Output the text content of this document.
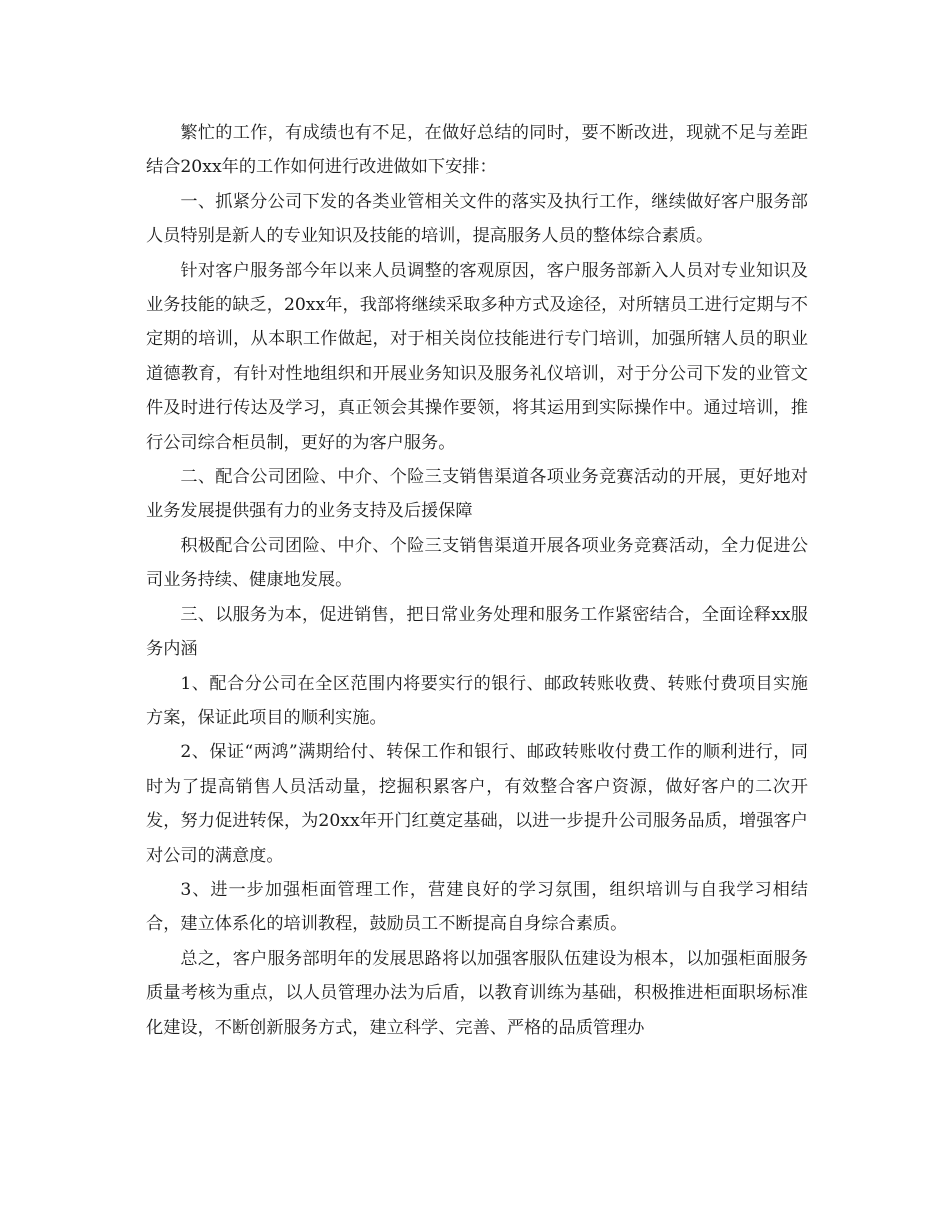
繁忙的工作，有成绩也有不足，在做好总结的同时，要不断改进，现就不足与差距结合20xx年的工作如何进行改进做如下安排：

一、抓紧分公司下发的各类业管相关文件的落实及执行工作，继续做好客户服务部人员特别是新人的专业知识及技能的培训，提高服务人员的整体综合素质。

针对客户服务部今年以来人员调整的客观原因，客户服务部新入人员对专业知识及业务技能的缺乏，20xx年，我部将继续采取多种方式及途径，对所辖员工进行定期与不定期的培训，从本职工作做起，对于相关岗位技能进行专门培训，加强所辖人员的职业道德教育，有针对性地组织和开展业务知识及服务礼仪培训，对于分公司下发的业管文件及时进行传达及学习，真正领会其操作要领，将其运用到实际操作中。通过培训，推行公司综合柜员制，更好的为客户服务。

二、配合公司团险、中介、个险三支销售渠道各项业务竞赛活动的开展，更好地对业务发展提供强有力的业务支持及后援保障

积极配合公司团险、中介、个险三支销售渠道开展各项业务竞赛活动，全力促进公司业务持续、健康地发展。

三、以服务为本，促进销售，把日常业务处理和服务工作紧密结合，全面诠释xx服务内涵

1、配合分公司在全区范围内将要实行的银行、邮政转账收费、转账付费项目实施方案，保证此项目的顺利实施。

2、保证“两鸿”满期给付、转保工作和银行、邮政转账收付费工作的顺利进行，同时为了提高销售人员活动量，挖掘积累客户，有效整合客户资源，做好客户的二次开发，努力促进转保，为20xx年开门红奠定基础，以进一步提升公司服务品质，增强客户对公司的满意度。

3、进一步加强柜面管理工作，营建良好的学习氛围，组织培训与自我学习相结合，建立体系化的培训教程，鼓励员工不断提高自身综合素质。

总之，客户服务部明年的发展思路将以加强客服队伍建设为根本，以加强柜面服务质量考核为重点，以人员管理办法为后盾，以教育训练为基础，积极推进柜面职场标准化建设，不断创新服务方式，建立科学、完善、严格的品质管理办
